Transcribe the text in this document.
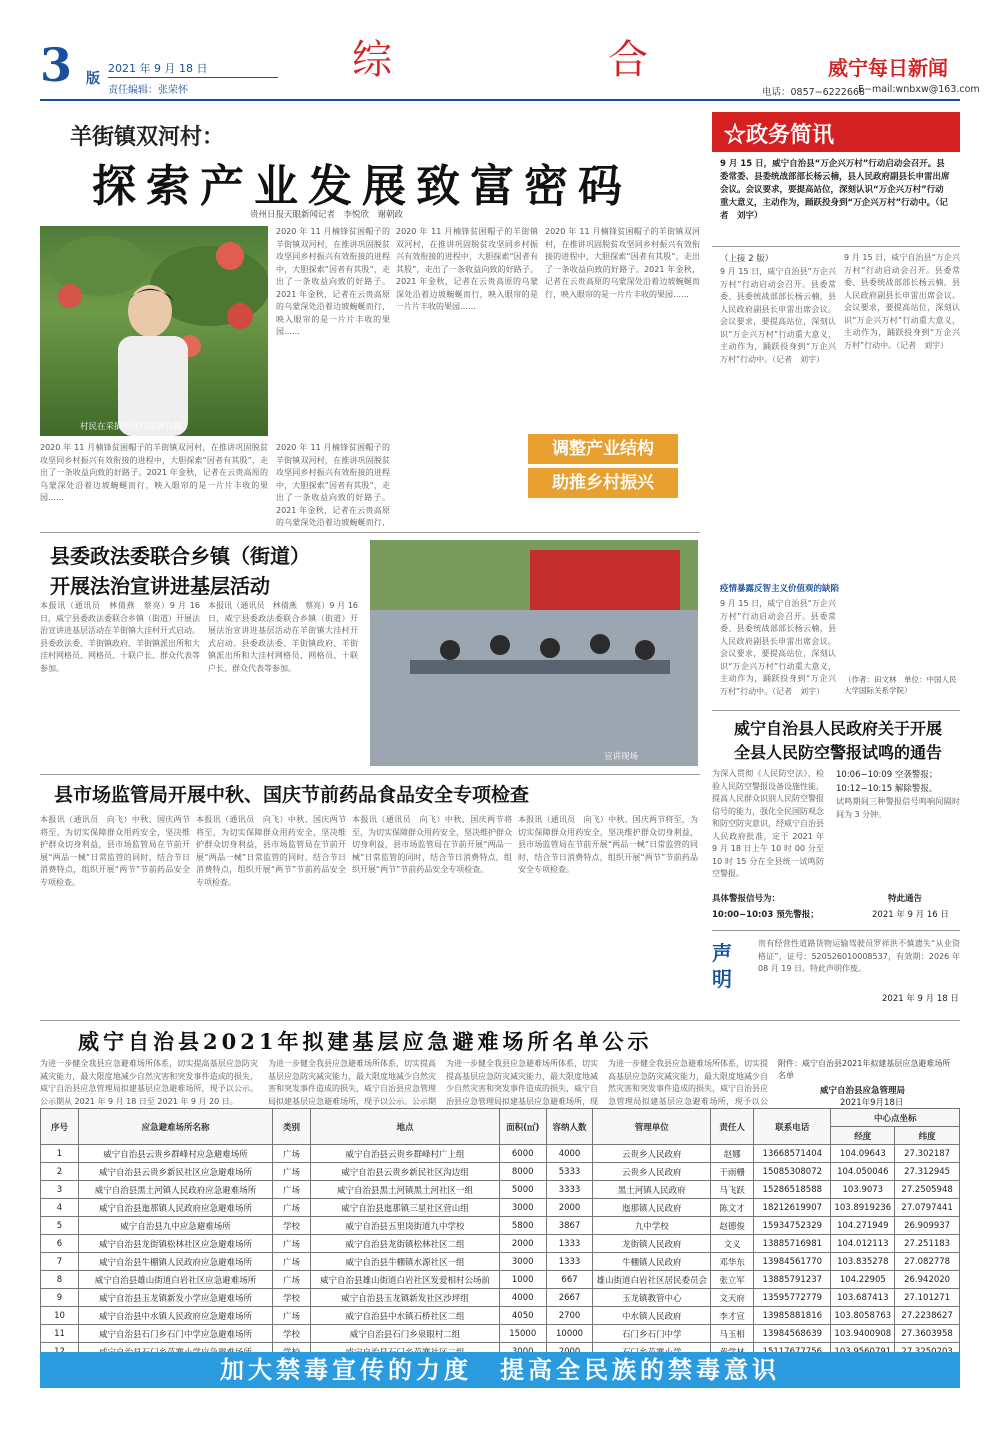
3 版
2021 年 9 月 18 日
责任编辑：张荣怀
综	合	威宁每日新闻
电话：0857−6222668
E−mail:wnbxw@163.com
羊街镇双河村：
探索产业发展致富密码
贵州日报天眼新闻记者　李悦欣　谢朝政
村民在采摘双河村挂牌石榴
2020 年 11 月楠锋贫困帽子的羊街镇双河村，在推讲巩固脱贫攻坚同乡村振兴有效衔接的进程中，大胆探索“因者有其股”，走出了一条收益向致的好路子。2021 年金秋，记者在云贵高原的乌蒙深处沿着边坡蜿蜒而行，映入眼帘的是一片片丰收的果园……
2020 年 11 月楠锋贫困帽子的羊街镇双河村，在推讲巩固脱贫攻坚同乡村振兴有效衔接的进程中，大胆探索“因者有其股”，走出了一条收益向致的好路子。2021 年金秋，记者在云贵高原的乌蒙深处沿着边坡蜿蜒而行，
2020 年 11 月楠锋贫困帽子的羊街镇双河村，在推讲巩固脱贫攻坚同乡村振兴有效衔接的进程中，大胆探索“因者有其股”，走出了一条收益向致的好路子。2021 年金秋，记者在云贵高原的乌蒙深处沿着边坡蜿蜒而行，映入眼帘的是一片片丰收的果园……
2020 年 11 月楠锋贫困帽子的羊街镇双河村，在推讲巩固脱贫攻坚同乡村振兴有效衔接的进程中，大胆探索“因者有其股”，走出了一条收益向致的好路子。2021 年金秋，记者在云贵高原的乌蒙深处沿着边坡蜿蜒而行，映入眼帘的是一片片丰收的果园……
2020 年 11 月楠锋贫困帽子的羊街镇双河村，在推讲巩固脱贫攻坚同乡村振兴有效衔接的进程中，大胆探索“因者有其股”，走出了一条收益向致的好路子。2021 年金秋，记者在云贵高原的乌蒙深处沿着边坡蜿蜒而行，映入眼帘的是一片片丰收的果园……
调整产业结构
助推乡村振兴
县委政法委联合乡镇（街道）
开展法治宣讲进基层活动
本报讯（通讯员　林倩燕　蔡亮）9 月 16 日，威宁县委政法委联合乡镇（街道）开展法治宣讲进基层活动在羊街镇大洼村开式启动。县委政法委、羊街镇政府、羊街镇派出所和大洼村网格员、网格员、十联户长、群众代表等参加。
本报讯（通讯员　林倩燕　蔡亮）9 月 16 日，威宁县委政法委联合乡镇（街道）开展法治宣讲进基层活动在羊街镇大洼村开式启动。县委政法委、羊街镇政府、羊街镇派出所和大洼村网格员、网格员、十联户长、群众代表等参加。
宣讲现场
县市场监管局开展中秋、国庆节前药品食品安全专项检查
本报讯（通讯员　向飞）中秋、国庆两节将至，为切实保障群众用药安全，坚决维护群众切身利益，县市场监管局在节前开展“两品一械”日常监管的同时，结合节日消费特点，组织开展“两节”节前药品安全专项检查。
本报讯（通讯员　向飞）中秋、国庆两节将至，为切实保障群众用药安全，坚决维护群众切身利益，县市场监管局在节前开展“两品一械”日常监管的同时，结合节日消费特点，组织开展“两节”节前药品安全专项检查。
本报讯（通讯员　向飞）中秋、国庆两节将至，为切实保障群众用药安全，坚决维护群众切身利益，县市场监管局在节前开展“两品一械”日常监管的同时，结合节日消费特点，组织开展“两节”节前药品安全专项检查。
本报讯（通讯员　向飞）中秋、国庆两节将至，为切实保障群众用药安全，坚决维护群众切身利益，县市场监管局在节前开展“两品一械”日常监管的同时，结合节日消费特点，组织开展“两节”节前药品安全专项检查。
☆政务简讯
9 月 15 日，威宁自治县“万企兴万村”行动启动会召开。县委常委、县委统战部部长杨云楠，县人民政府副县长申雷出席会议。会议要求，要提高站位，深刻认识“万企兴万村”行动重大意义，主动作为，踊跃投身到“万企兴万村”行动中。（记者　刘宇）
（上接 2 版）
9 月 15 日，威宁自治县“万企兴万村”行动启动会召开。县委常委、县委统战部部长杨云楠，县人民政府副县长申雷出席会议。会议要求，要提高站位，深刻认识“万企兴万村”行动重大意义，主动作为，踊跃投身到“万企兴万村”行动中。（记者　刘宇）
9 月 15 日，威宁自治县“万企兴万村”行动启动会召开。县委常委、县委统战部部长杨云楠，县人民政府副县长申雷出席会议。会议要求，要提高站位，深刻认识“万企兴万村”行动重大意义，主动作为，踊跃投身到“万企兴万村”行动中。（记者　刘宇）
疫情暴露反智主义价值观的缺陷
9 月 15 日，威宁自治县“万企兴万村”行动启动会召开。县委常委、县委统战部部长杨云楠，县人民政府副县长申雷出席会议。会议要求，要提高站位，深刻认识“万企兴万村”行动重大意义，主动作为，踊跃投身到“万企兴万村”行动中。（记者　刘宇）
（作者：田文林　单位：中国人民大学国际关系学院）
威宁自治县人民政府关于开展
全县人民防空警报试鸣的通告
为深入贯彻《人民防空法》，检验人民防空警报设备设施性能，提高人民群众识别人民防空警报信号的能力，强化全民国防观念和防空防灾意识，经威宁自治县人民政府批准，定于 2021 年 9 月 18 日上午 10 时 00 分至 10 时 15 分在全县统一试鸣防空警报。
具体警报信号为：
10:00−10:03 预先警报；
10:06−10:09 空袭警报；
10:12−10:15 解除警报。
试鸣期间三种警报信号鸣响间隔时间为 3 分钟。
特此通告
2021 年 9 月 16 日
声明
贵有经营性道路货物运输驾驶员罗祥洪不慎遗失“从业资格证”，证号：520526010008537，有效期：2026 年 08 月 19 日。特此声明作废。
2021 年 9 月 18 日
威宁自治县2021年拟建基层应急避难场所名单公示
为进一步健全我县应急避难场所体系，切实提高基层应急防灾减灾能力，最大限度地减少自然灾害和突发事件造成的损失，威宁自治县应急管理局拟建基层应急避难场所，现予以公示。公示期从 2021 年 9 月 18 日至 2021 年 9 月 20 日。
为进一步健全我县应急避难场所体系，切实提高基层应急防灾减灾能力，最大限度地减少自然灾害和突发事件造成的损失，威宁自治县应急管理局拟建基层应急避难场所，现予以公示。公示期
为进一步健全我县应急避难场所体系，切实提高基层应急防灾减灾能力，最大限度地减少自然灾害和突发事件造成的损失，威宁自治县应急管理局拟建基层应急避难场所，现
为进一步健全我县应急避难场所体系，切实提高基层应急防灾减灾能力，最大限度地减少自然灾害和突发事件造成的损失，威宁自治县应急管理局拟建基层应急避难场所，现予以公
附件：威宁自治县2021年拟建基层应急避难场所名单
威宁自治县应急管理局
2021年9月18日
序号	应急避难场所名称	类别	地点	面积(㎡)	容纳人数	管理单位	责任人	联系电话	中心点坐标	
									经度	纬度
1	威宁自治县云贵乡群峰村应急避难场所	广场	威宁自治县云贵乡群峰村广上组	6000	4000	云贵乡人民政府	赵娜	13668571404	104.09643	27.302187
2	威宁自治县云贵乡新民社区应急避难场所	广场	威宁自治县云贵乡新民社区沟边组	8000	5333	云贵乡人民政府	干雨栅	15085308072	104.050046	27.312945
3	威宁自治县黑土河镇人民政府应急避难场所	广场	威宁自治县黑土河镇黑土河社区一组	5000	3333	黑土河镇人民政府	马飞跃	15286518588	103.9073	27.2505948
4	威宁自治县迤那镇人民政府应急避难场所	广场	威宁自治县迤那镇三星社区营山组	3000	2000	迤那镇人民政府	陈文才	18212619907	103.8919236	27.0797441
5	威宁自治县九中应急避难场所	学校	威宁自治县五里岗街道九中学校	5800	3867	九中学校	赵德俊	15934752329	104.271949	26.909937
6	威宁自治县龙街镇松林社区应急避难场所	广场	威宁自治县龙街镇松林社区二组	2000	1333	龙街镇人民政府	文义	13885716981	104.012113	27.251183
7	威宁自治县牛棚镇人民政府应急避难场所	广场	威宁自治县牛棚镇水源社区一组	3000	1333	牛棚镇人民政府	邓华东	13984561770	103.835278	27.082778
8	威宁自治县雄山街道白岩社区应急避难场所	广场	威宁自治县雄山街道白岩社区发爱相村公场前	1000	667	雄山街道白岩社区居民委员会	张立军	13885791237	104.22905	26.942020
9	威宁自治县玉龙镇新发小学应急避难场所	学校	威宁自治县玉龙镇新发社区沙坪组	4000	2667	玉龙镇教管中心	文天府	13595772779	103.687413	27.101271
10	威宁自治县中水镇人民政府应急避难场所	广场	威宁自治县中水镇石桥社区二组	4050	2700	中水镇人民政府	李才宣	13985881816	103.8058763	27.2238627
11	威宁自治县石门乡石门中学应急避难场所	学校	威宁自治县石门乡泉眼村二组	15000	10000	石门乡石门中学	马玉相	13984568639	103.9400908	27.3603958

加大禁毒宣传的力度　提高全民族的禁毒意识
